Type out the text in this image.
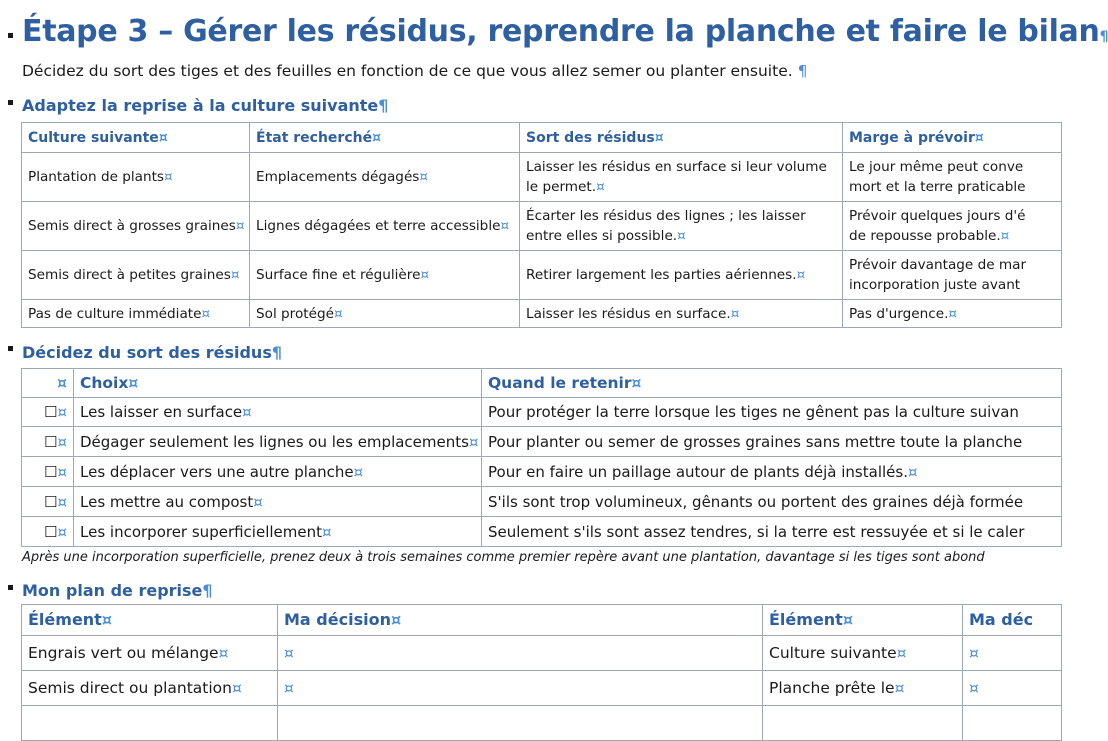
Étape 3 – Gérer les résidus, reprendre la planche et faire le bilan¶
Décidez du sort des tiges et des feuilles en fonction de ce que vous allez semer ou planter ensuite. ¶
Adaptez la reprise à la culture suivante¶
Culture suivante¤	État recherché¤	Sort des résidus¤	Marge à prévoir¤
Plantation de plants¤	Emplacements dégagés¤	Laisser les résidus en surface si leur volume le permet.¤	Le jour même peut conve
mort et la terre praticable
Semis direct à grosses graines¤	Lignes dégagées et terre accessible¤	Écarter les résidus des lignes ; les laisser entre elles si possible.¤	Prévoir quelques jours d'é
de repousse probable.¤
Semis direct à petites graines¤	Surface fine et régulière¤	Retirer largement les parties aériennes.¤	Prévoir davantage de mar
incorporation juste avant
Pas de culture immédiate¤	Sol protégé¤	Laisser les résidus en surface.¤	Pas d'urgence.¤
Décidez du sort des résidus¶
¤	Choix¤	Quand le retenir¤
☐¤	Les laisser en surface¤	Pour protéger la terre lorsque les tiges ne gênent pas la culture suivan
☐¤	Dégager seulement les lignes ou les emplacements¤	Pour planter ou semer de grosses graines sans mettre toute la planche
☐¤	Les déplacer vers une autre planche¤	Pour en faire un paillage autour de plants déjà installés.¤
☐¤	Les mettre au compost¤	S'ils sont trop volumineux, gênants ou portent des graines déjà formée
☐¤	Les incorporer superficiellement¤	Seulement s'ils sont assez tendres, si la terre est ressuyée et si le caler
Après une incorporation superficielle, prenez deux à trois semaines comme premier repère avant une plantation, davantage si les tiges sont abond
Mon plan de reprise¶
Élément¤	Ma décision¤	Élément¤	Ma déc
Engrais vert ou mélange¤	¤	Culture suivante¤	¤
Semis direct ou plantation¤	¤	Planche prête le¤	¤
